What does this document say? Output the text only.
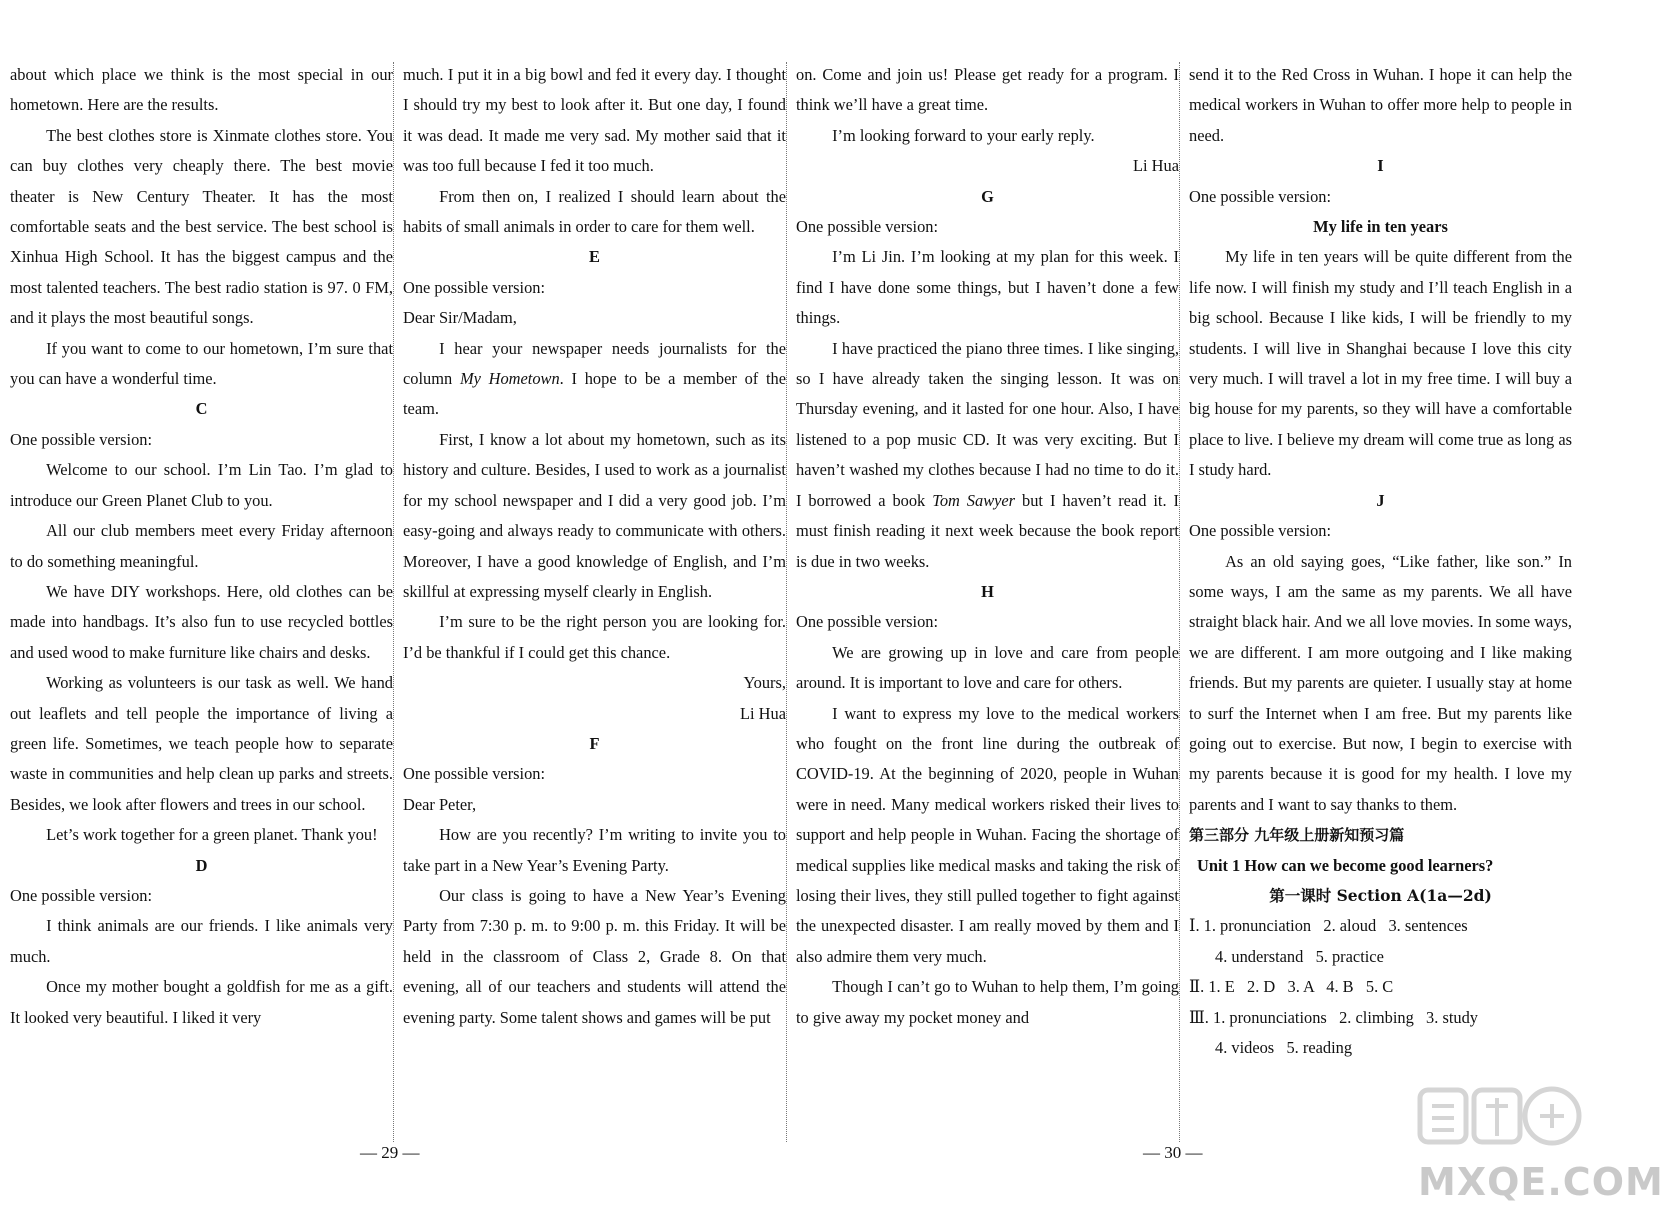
about which place we think is the most special in our hometown. Here are the results.

The best clothes store is Xinmate clothes store. You can buy clothes very cheaply there. The best movie theater is New Century Theater. It has the most comfortable seats and the best service. The best school is Xinhua High School. It has the biggest campus and the most talented teachers. The best radio station is 97. 0 FM, and it plays the most beautiful songs.

If you want to come to our hometown, I’m sure that you can have a wonderful time.

C

One possible version:

Welcome to our school. I’m Lin Tao. I’m glad to introduce our Green Planet Club to you.

All our club members meet every Friday afternoon to do something meaningful.

We have DIY workshops. Here, old clothes can be made into handbags. It’s also fun to use recycled bottles and used wood to make furniture like chairs and desks.

Working as volunteers is our task as well. We hand out leaflets and tell people the importance of living a green life. Sometimes, we teach people how to separate waste in communities and help clean up parks and streets. Besides, we look after flowers and trees in our school.

Let’s work together for a green planet. Thank you!

D

One possible version:

I think animals are our friends. I like animals very much.

Once my mother bought a goldfish for me as a gift. It looked very beautiful. I liked it very

much. I put it in a big bowl and fed it every day. I thought I should try my best to look after it. But one day, I found it was dead. It made me very sad. My mother said that it was too full because I fed it too much.

From then on, I realized I should learn about the habits of small animals in order to care for them well.

E

One possible version:

Dear Sir/Madam,

I hear your newspaper needs journalists for the column My Hometown. I hope to be a member of the team.

First, I know a lot about my hometown, such as its history and culture. Besides, I used to work as a journalist for my school newspaper and I did a very good job. I’m easy-going and always ready to communicate with others. Moreover, I have a good knowledge of English, and I’m skillful at expressing myself clearly in English.

I’m sure to be the right person you are looking for. I’d be thankful if I could get this chance.

Yours,

Li Hua

F

One possible version:

Dear Peter,

How are you recently? I’m writing to invite you to take part in a New Year’s Evening Party.

Our class is going to have a New Year’s Evening Party from 7:30 p. m. to 9:00 p. m. this Friday. It will be held in the classroom of Class 2, Grade 8. On that evening, all of our teachers and students will attend the evening party. Some talent shows and games will be put

on. Come and join us! Please get ready for a program. I think we’ll have a great time.

I’m looking forward to your early reply.

Li Hua

G

One possible version:

I’m Li Jin. I’m looking at my plan for this week. I find I have done some things, but I haven’t done a few things.

I have practiced the piano three times. I like singing, so I have already taken the singing lesson. It was on Thursday evening, and it lasted for one hour. Also, I have listened to a pop music CD. It was very exciting. But I haven’t washed my clothes because I had no time to do it. I borrowed a book Tom Sawyer but I haven’t read it. I must finish reading it next week because the book report is due in two weeks.

H

One possible version:

We are growing up in love and care from people around. It is important to love and care for others.

I want to express my love to the medical workers who fought on the front line during the outbreak of COVID-19. At the beginning of 2020, people in Wuhan were in need. Many medical workers risked their lives to support and help people in Wuhan. Facing the shortage of medical supplies like medical masks and taking the risk of losing their lives, they still pulled together to fight against the unexpected disaster. I am really moved by them and I also admire them very much.

Though I can’t go to Wuhan to help them, I’m going to give away my pocket money and

send it to the Red Cross in Wuhan. I hope it can help the medical workers in Wuhan to offer more help to people in need.

I

One possible version:

My life in ten years

My life in ten years will be quite different from the life now. I will finish my study and I’ll teach English in a big school. Because I like kids, I will be friendly to my students. I will live in Shanghai because I love this city very much. I will travel a lot in my free time. I will buy a big house for my parents, so they will have a comfortable place to live. I believe my dream will come true as long as I study hard.

J

One possible version:

As an old saying goes, “Like father, like son.” In some ways, I am the same as my parents. We all have straight black hair. And we all love movies. In some ways, we are different. I am more outgoing and I like making friends. But my parents are quieter. I usually stay at home to surf the Internet when I am free. But my parents like going out to exercise. But now, I begin to exercise with my parents because it is good for my health. I love my parents and I want to say thanks to them.

第三部分 九年级上册新知预习篇

Unit 1 How can we become good learners?

第一课时 Section A(1a—2d)

Ⅰ. 1. pronunciation   2. aloud   3. sentences

4. understand   5. practice

Ⅱ. 1. E   2. D   3. A   4. B   5. C

Ⅲ. 1. pronunciations   2. climbing   3. study

4. videos   5. reading

— 29 —	— 30 —
MXQE.COM
